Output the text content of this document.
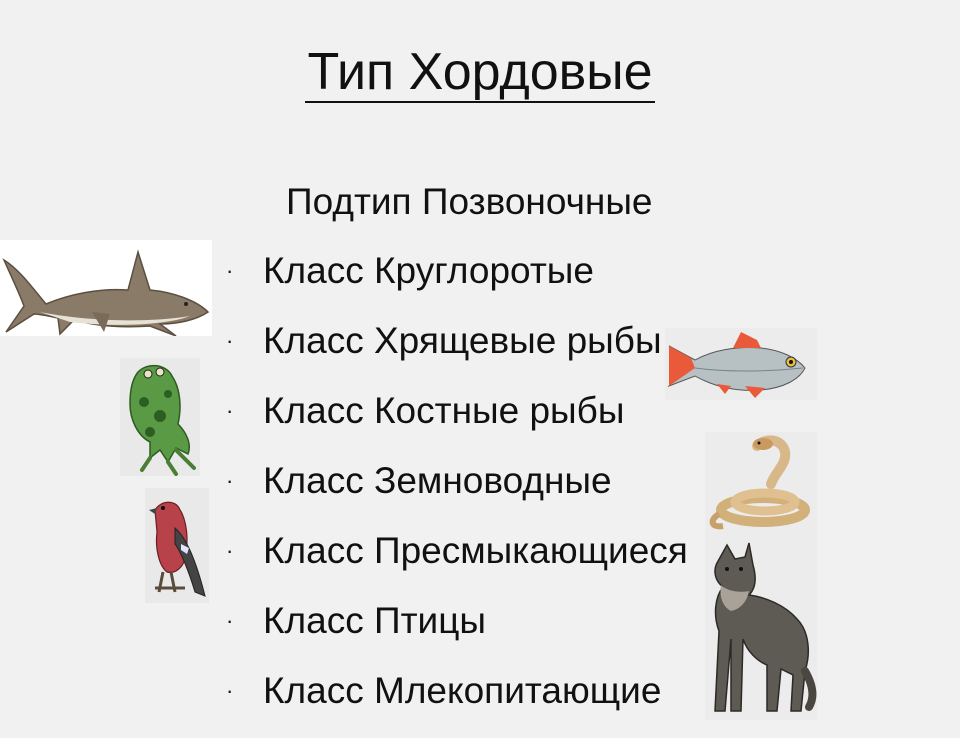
Тип Хордовые
Подтип Позвоночные
· Класс Круглоротые
· Класс Хрящевые рыбы
· Класс Костные рыбы
· Класс Земноводные
· Класс Пресмыкающиеся
· Класс Птицы
· Класс Млекопитающие
